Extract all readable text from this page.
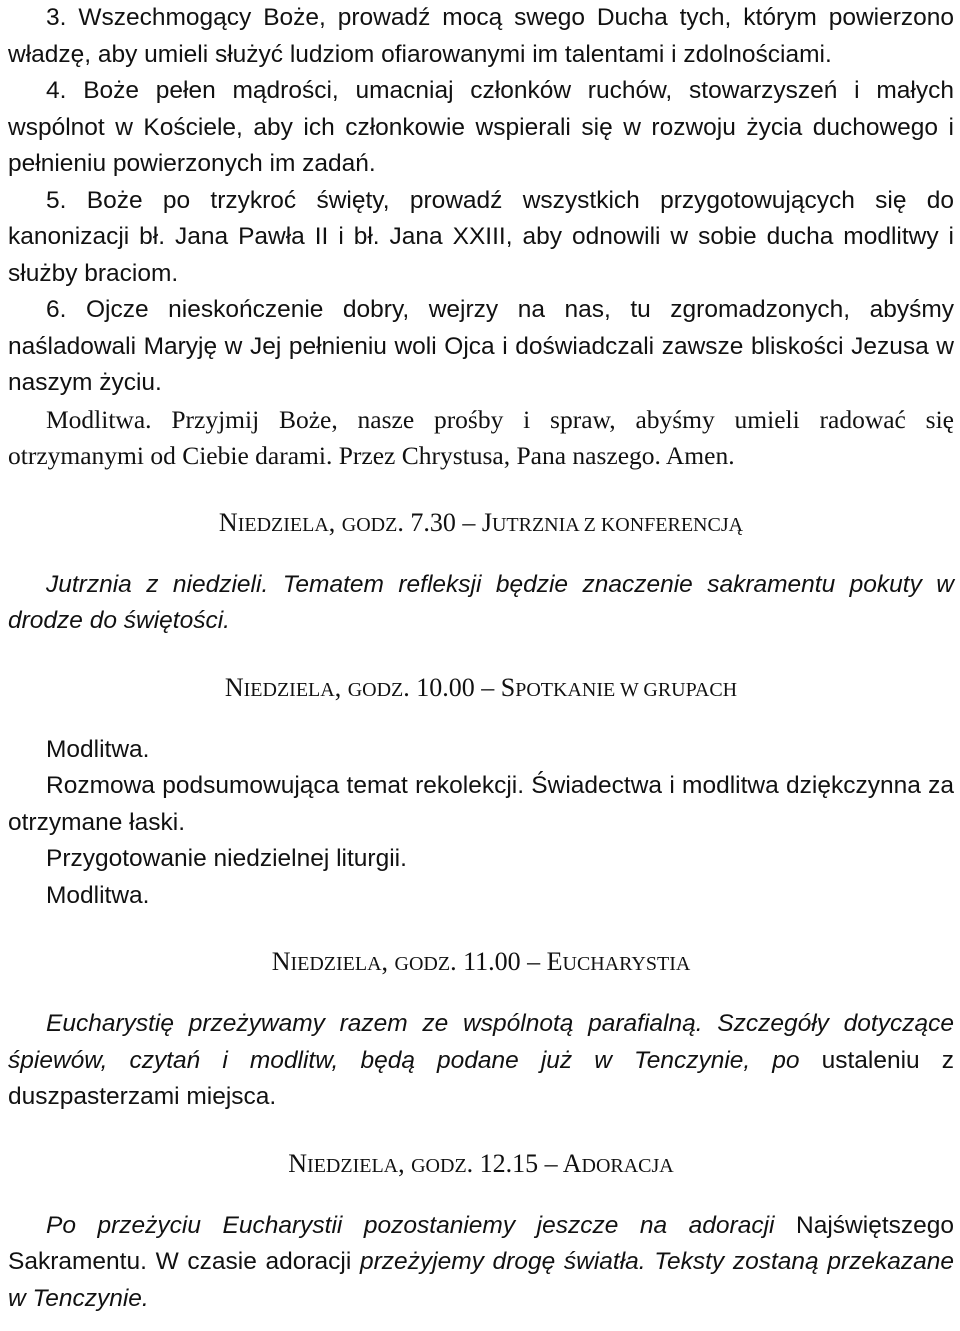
3. Wszechmogący Boże, prowadź mocą swego Ducha tych, którym powierzono władzę, aby umieli służyć ludziom ofiarowanymi im talentami i zdolnościami.

4. Boże pełen mądrości, umacniaj członków ruchów, stowarzyszeń i małych wspólnot w Kościele, aby ich członkowie wspierali się w rozwoju życia duchowego i pełnieniu powierzonych im zadań.

5. Boże po trzykroć święty, prowadź wszystkich przygotowujących się do kanonizacji bł. Jana Pawła II i bł. Jana XXIII, aby odnowili w sobie ducha modlitwy i służby braciom.

6. Ojcze nieskończenie dobry, wejrzy na nas, tu zgromadzonych, abyśmy naśladowali Maryję w Jej pełnieniu woli Ojca i doświadczali zawsze bliskości Jezusa w naszym życiu.

Modlitwa. Przyjmij Boże, nasze prośby i spraw, abyśmy umieli radować się otrzymanymi od Ciebie darami. Przez Chrystusa, Pana naszego. Amen.

NIEDZIELA, GODZ. 7.30 – JUTRZNIA Z KONFERENCJĄ

Jutrznia z niedzieli. Tematem refleksji będzie znaczenie sakramentu pokuty w drodze do świętości.

NIEDZIELA, GODZ. 10.00 – SPOTKANIE W GRUPACH

Modlitwa.

Rozmowa podsumowująca temat rekolekcji. Świadectwa i modlitwa dziękczynna za otrzymane łaski.

Przygotowanie niedzielnej liturgii.

Modlitwa.

NIEDZIELA, GODZ. 11.00 – EUCHARYSTIA

Eucharystię przeżywamy razem ze wspólnotą parafialną. Szczegóły dotyczące śpiewów, czytań i modlitw, będą podane już w Tenczynie, po ustaleniu z duszpasterzami miejsca.

NIEDZIELA, GODZ. 12.15 – ADORACJA

Po przeżyciu Eucharystii pozostaniemy jeszcze na adoracji Najświętszego Sakramentu. W czasie adoracji przeżyjemy drogę światła. Teksty zostaną przekazane w Tenczynie.
